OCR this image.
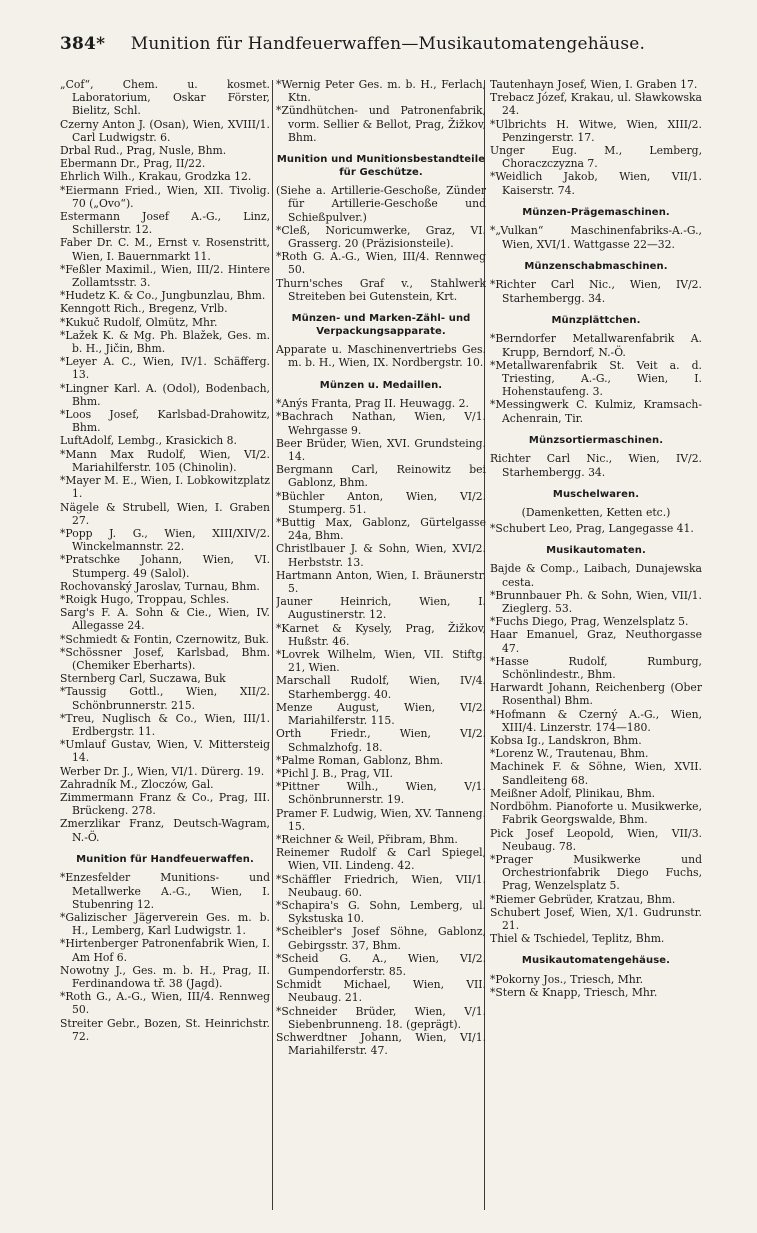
384* Munition für Handfeuerwaffen—Musikautomatengehäuse.
„Cof“, Chem. u. kosmet. Laboratorium, Oskar Förster, Bielitz, Schl.
Czerny Anton J. (Osan), Wien, XVIII/1. Carl Ludwigstr. 6.
Drbal Rud., Prag, Nusle, Bhm.
Ebermann Dr., Prag, II/22.
Ehrlich Wilh., Krakau, Grodzka 12.
*Eiermann Fried., Wien, XII. Tivolig. 70 („Ovo“).
Estermann Josef A.-G., Linz, Schillerstr. 12.
Faber Dr. C. M., Ernst v. Rosenstritt, Wien, I. Bauernmarkt 11.
*Feßler Maximil., Wien, III/2. Hintere Zollamtsstr. 3.
*Hudetz K. & Co., Jungbunzlau, Bhm.
Kenngott Rich., Bregenz, Vrlb.
*Kukuč Rudolf, Olmütz, Mhr.
*Lažek K. & Mg. Ph. Blažek, Ges. m. b. H., Jičin, Bhm.
*Leyer A. C., Wien, IV/1. Schäfferg. 13.
*Lingner Karl. A. (Odol), Bodenbach, Bhm.
*Loos Josef, Karlsbad-Drahowitz, Bhm.
LuftAdolf, Lembg., Krasickich 8.
*Mann Max Rudolf, Wien, VI/2. Mariahilferstr. 105 (Chinolin).
*Mayer M. E., Wien, I. Lobkowitzplatz 1.
Nägele & Strubell, Wien, I. Graben 27.
*Popp J. G., Wien, XIII/XIV/2. Winckelmannstr. 22.
*Pratschke Johann, Wien, VI. Stumperg. 49 (Salol).
Rochovanský Jaroslav, Turnau, Bhm.
*Roigk Hugo, Troppau, Schles.
Sarg's F. A. Sohn & Cie., Wien, IV. Allegasse 24.
*Schmiedt & Fontin, Czernowitz, Buk.
*Schössner Josef, Karlsbad, Bhm. (Chemiker Eberharts).
Sternberg Carl, Suczawa, Buk
*Taussig Gottl., Wien, XII/2. Schönbrunnerstr. 215.
*Treu, Nuglisch & Co., Wien, III/1. Erdbergstr. 11.
*Umlauf Gustav, Wien, V. Mittersteig 14.
Werber Dr. J., Wien, VI/1. Dürerg. 19.
Zahradník M., Zloczów, Gal.
Zimmermann Franz & Co., Prag, III. Brückeng. 278.
Zmerzlikar Franz, Deutsch-Wagram, N.-Ö.
Munition für Handfeuerwaffen.
*Enzesfelder Munitions- und Metallwerke A.-G., Wien, I. Stubenring 12.
*Galizischer Jägerverein Ges. m. b. H., Lemberg, Karl Ludwigstr. 1.
*Hirtenberger Patronenfabrik Wien, I. Am Hof 6.
Nowotny J., Ges. m. b. H., Prag, II. Ferdinandowa tř. 38 (Jagd).
*Roth G., A.-G., Wien, III/4. Rennweg 50.
Streiter Gebr., Bozen, St. Heinrichstr. 72.
*Wernig Peter Ges. m. b. H., Ferlach, Ktn.
*Zündhütchen- und Patronenfabrik, vorm. Sellier & Bellot, Prag, Žižkov, Bhm.
Munition und Munitionsbestandteile für Geschütze.
(Siehe a. Artillerie-Geschoße, Zünder für Artillerie-Geschoße und Schießpulver.)
*Cleß, Noricumwerke, Graz, VI. Grasserg. 20 (Präzisionsteile).
*Roth G. A.-G., Wien, III/4. Rennweg 50.
Thurn'sches Graf v., Stahlwerk Streiteben bei Gutenstein, Krt.
Münzen- und Marken-Zähl- und Verpackungsapparate.
Apparate u. Maschinenvertriebs Ges. m. b. H., Wien, IX. Nordbergstr. 10.
Münzen u. Medaillen.
*Anýs Franta, Prag II. Heuwagg. 2.
*Bachrach Nathan, Wien, V/1. Wehrgasse 9.
Beer Brüder, Wien, XVI. Grundsteing. 14.
Bergmann Carl, Reinowitz bei Gablonz, Bhm.
*Büchler Anton, Wien, VI/2. Stumperg. 51.
*Buttig Max, Gablonz, Gürtelgasse 24a, Bhm.
Christlbauer J. & Sohn, Wien, XVI/2. Herbststr. 13.
Hartmann Anton, Wien, I. Bräunerstr. 5.
Jauner Heinrich, Wien, I. Augustinerstr. 12.
*Karnet & Kysely, Prag, Žižkov, Hußstr. 46.
*Lovrek Wilhelm, Wien, VII. Stiftg. 21, Wien.
Marschall Rudolf, Wien, IV/4. Starhembergg. 40.
Menze August, Wien, VI/2. Mariahilferstr. 115.
Orth Friedr., Wien, VI/2. Schmalzhofg. 18.
*Palme Roman, Gablonz, Bhm.
*Pichl J. B., Prag, VII.
*Pittner Wilh., Wien, V/1. Schönbrunnerstr. 19.
Pramer F. Ludwig, Wien, XV. Tanneng. 15.
*Reichner & Weil, Přibram, Bhm.
Reinemer Rudolf & Carl Spiegel, Wien, VII. Lindeng. 42.
*Schäffler Friedrich, Wien, VII/1. Neubaug. 60.
*Schapira's G. Sohn, Lemberg, ul. Sykstuska 10.
*Scheibler's Josef Söhne, Gablonz, Gebirgsstr. 37, Bhm.
*Scheid G. A., Wien, VI/2. Gumpendorferstr. 85.
Schmidt Michael, Wien, VII. Neubaug. 21.
*Schneider Brüder, Wien, V/1. Siebenbrunneng. 18. (geprägt).
Schwerdtner Johann, Wien, VI/1. Mariahilferstr. 47.
Tautenhayn Josef, Wien, I. Graben 17.
Trebacz Józef, Krakau, ul. Sławkowska 24.
*Ulbrichts H. Witwe, Wien, XIII/2. Penzingerstr. 17.
Unger Eug. M., Lemberg, Choraczczyzna 7.
*Weidlich Jakob, Wien, VII/1. Kaiserstr. 74.
Münzen-Prägemaschinen.
*„Vulkan“ Maschinenfabriks-A.-G., Wien, XVI/1. Wattgasse 22—32.
Münzenschabmaschinen.
*Richter Carl Nic., Wien, IV/2. Starhembergg. 34.
Münzplättchen.
*Berndorfer Metallwarenfabrik A. Krupp, Berndorf, N.-Ö.
*Metallwarenfabrik St. Veit a. d. Triesting, A.-G., Wien, I. Hohenstaufeng. 3.
*Messingwerk C. Kulmiz, Kramsach-Achenrain, Tir.
Münzsortiermaschinen.
Richter Carl Nic., Wien, IV/2. Starhembergg. 34.
Muschelwaren.
(Damenketten, Ketten etc.)
*Schubert Leo, Prag, Langegasse 41.
Musikautomaten.
Bajde & Comp., Laibach, Dunajewska cesta.
*Brunnbauer Ph. & Sohn, Wien, VII/1. Zieglerg. 53.
*Fuchs Diego, Prag, Wenzelsplatz 5.
Haar Emanuel, Graz, Neuthorgasse 47.
*Hasse Rudolf, Rumburg, Schönlindestr., Bhm.
Harwardt Johann, Reichenberg (Ober Rosenthal) Bhm.
*Hofmann & Czerný A.-G., Wien, XIII/4. Linzerstr. 174—180.
Kobsa Ig., Landskron, Bhm.
*Lorenz W., Trautenau, Bhm.
Machinek F. & Söhne, Wien, XVII. Sandleiteng 68.
Meißner Adolf, Plinikau, Bhm.
Nordböhm. Pianoforte u. Musikwerke, Fabrik Georgswalde, Bhm.
Pick Josef Leopold, Wien, VII/3. Neubaug. 78.
*Prager Musikwerke und Orchestrionfabrik Diego Fuchs, Prag, Wenzelsplatz 5.
*Riemer Gebrüder, Kratzau, Bhm.
Schubert Josef, Wien, X/1. Gudrunstr. 21.
Thiel & Tschiedel, Teplitz, Bhm.
Musikautomatengehäuse.
*Pokorny Jos., Triesch, Mhr.
*Stern & Knapp, Triesch, Mhr.
